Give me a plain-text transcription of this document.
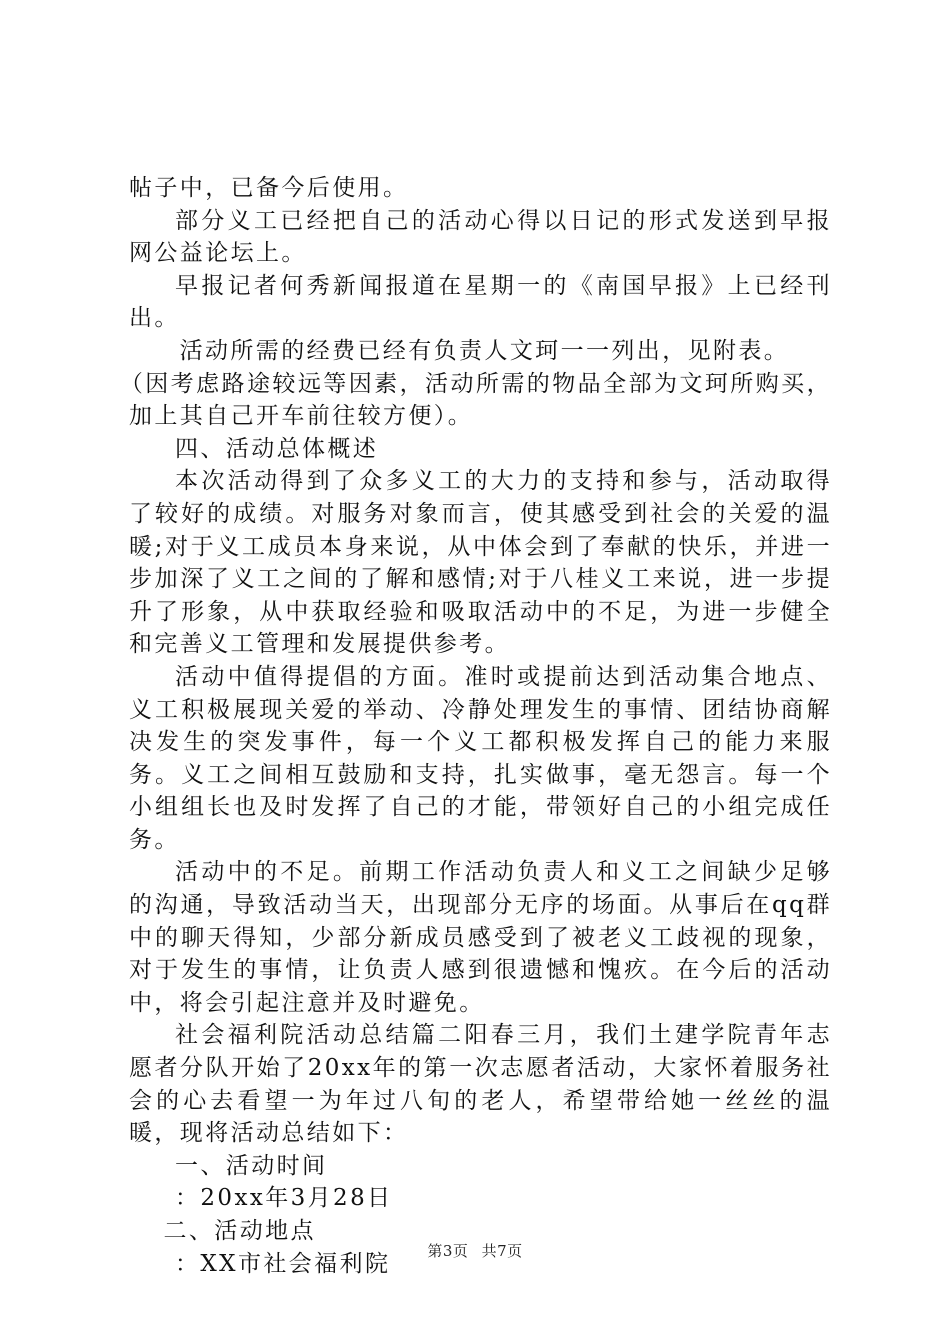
帖子中，已备今后使用。

部分义工已经把自己的活动心得以日记的形式发送到早报网公益论坛上。

早报记者何秀新闻报道在星期一的《南国早报》上已经刊出。

活动所需的经费已经有负责人文珂一一列出，见附表。

（因考虑路途较远等因素，活动所需的物品全部为文珂所购买，加上其自己开车前往较方便）。

四、活动总体概述

本次活动得到了众多义工的大力的支持和参与，活动取得了较好的成绩。对服务对象而言，使其感受到社会的关爱的温暖;对于义工成员本身来说，从中体会到了奉献的快乐，并进一步加深了义工之间的了解和感情;对于八桂义工来说，进一步提升了形象，从中获取经验和吸取活动中的不足，为进一步健全和完善义工管理和发展提供参考。

活动中值得提倡的方面。准时或提前达到活动集合地点、义工积极展现关爱的举动、冷静处理发生的事情、团结协商解决发生的突发事件，每一个义工都积极发挥自己的能力来服务。义工之间相互鼓励和支持，扎实做事，毫无怨言。每一个小组组长也及时发挥了自己的才能，带领好自己的小组完成任务。

活动中的不足。前期工作活动负责人和义工之间缺少足够的沟通，导致活动当天，出现部分无序的场面。从事后在qq群中的聊天得知，少部分新成员感受到了被老义工歧视的现象，对于发生的事情，让负责人感到很遗憾和愧疚。在今后的活动中，将会引起注意并及时避免。

社会福利院活动总结篇二阳春三月，我们土建学院青年志愿者分队开始了20xx年的第一次志愿者活动，大家怀着服务社会的心去看望一为年过八旬的老人，希望带给她一丝丝的温暖，现将活动总结如下：

一、活动时间

：20xx年3月28日

二、活动地点

：XX市社会福利院	第3页 共7页
